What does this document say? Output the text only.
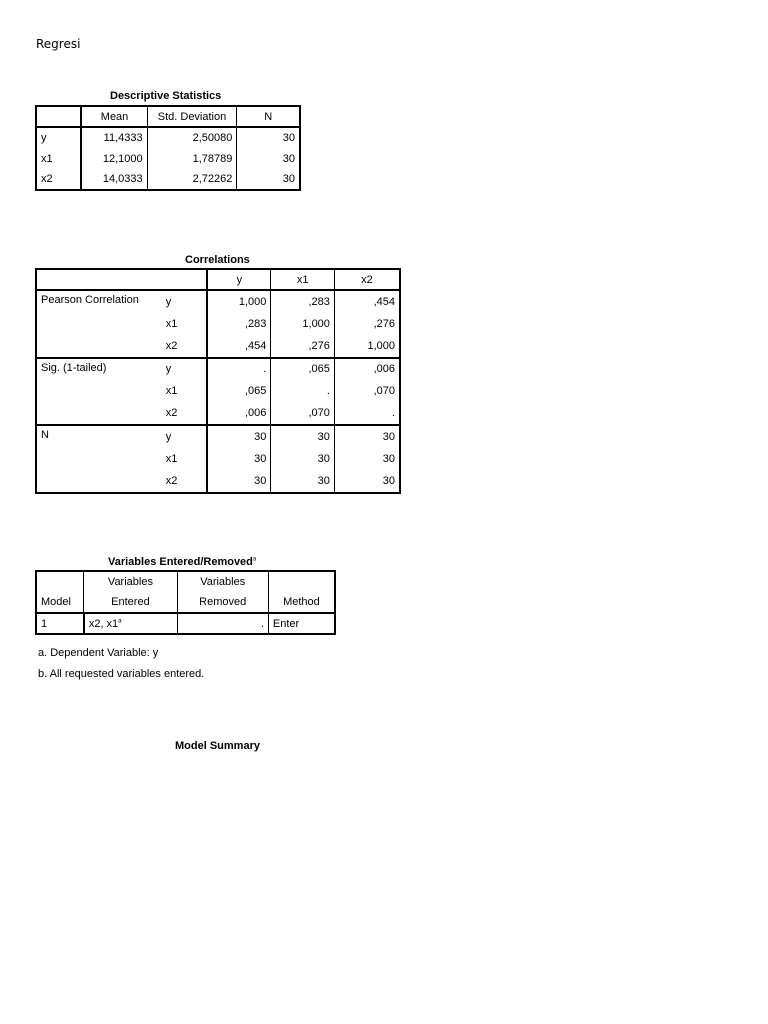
Regresi
Descriptive Statistics
	Mean	Std. Deviation	N
y	11,4333	2,50080	30
x1	12,1000	1,78789	30
x2	14,0333	2,72262	30
Correlations
		y	x1	x2
Pearson Correlation	y	1,000	,283	,454
	x1	,283	1,000	,276
	x2	,454	,276	1,000
Sig. (1-tailed)	y	.	,065	,006
	x1	,065	.	,070
	x2	,006	,070	.
N	y	30	30	30
	x1	30	30	30
	x2	30	30	30
Variables Entered/Removed$^a$
	Variables	Variables	
Model	Entered	Removed	Method
1	x2, x1$^a$	.	Enter
a. Dependent Variable: y
b. All requested variables entered.
Model Summary
